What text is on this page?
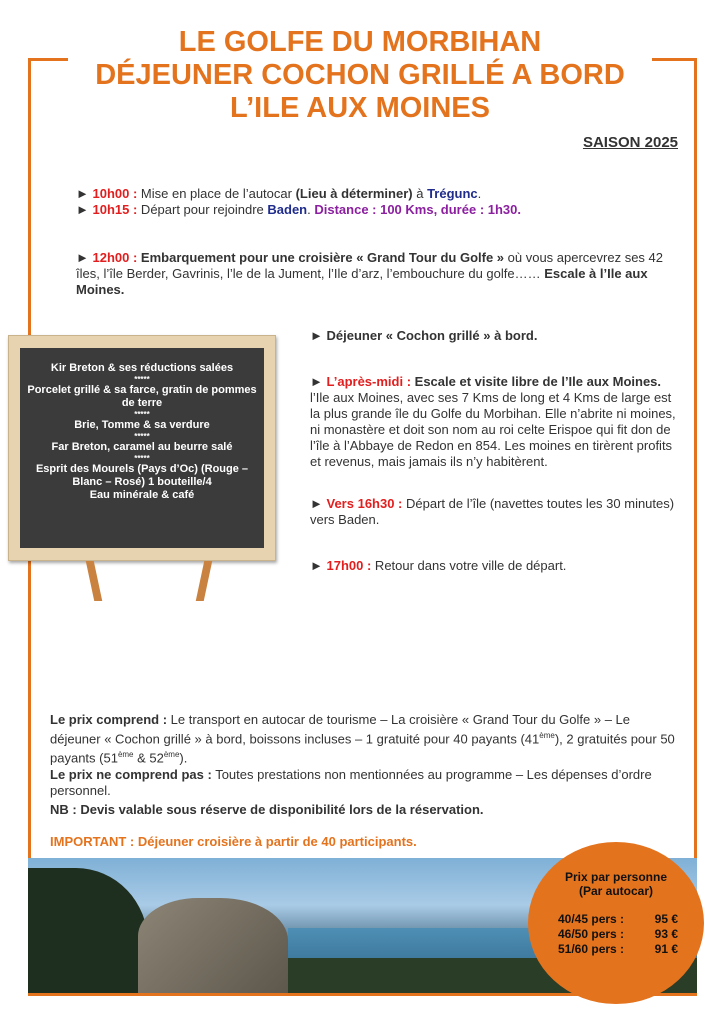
LE GOLFE DU MORBIHAN
DÉJEUNER COCHON GRILLÉ A BORD
L’ILE AUX MOINES
SAISON 2025
► 10h00 : Mise en place de l’autocar (Lieu à déterminer) à Trégunc.
► 10h15 : Départ pour rejoindre Baden. Distance : 100 Kms, durée : 1h30.
► 12h00 : Embarquement pour une croisière « Grand Tour du Golfe » où vous apercevrez ses 42 îles, l’île Berder, Gavrinis, l’le de la Jument, l’Ile d’arz, l’embouchure du golfe…… Escale à l’Ile aux Moines.
► Déjeuner « Cochon grillé » à bord.
► L’après-midi : Escale et visite libre de l’Ile aux Moines. l’Ile aux Moines, avec ses 7 Kms de long et 4 Kms de large est la plus grande île du Golfe du Morbihan. Elle n’abrite ni moines, ni monastère et doit son nom au roi celte Erispoe qui fit don de l’île à l’Abbaye de Redon en 854. Les moines en tirèrent profits et revenus, mais jamais ils n’y habitèrent.
► Vers 16h30 : Départ de l’île (navettes toutes les 30 minutes) vers Baden.
► 17h00 : Retour dans votre ville de départ.
Kir Breton & ses réductions salées
*****
Porcelet grillé & sa farce, gratin de pommes de terre
*****
Brie, Tomme & sa verdure
*****
Far Breton, caramel au beurre salé
*****
Esprit des Mourels (Pays d’Oc) (Rouge – Blanc – Rosé) 1 bouteille/4
Eau minérale & café
Le prix comprend : Le transport en autocar de tourisme – La croisière « Grand Tour du Golfe » – Le déjeuner « Cochon grillé » à bord, boissons incluses – 1 gratuité pour 40 payants (41ème), 2 gratuités pour 50 payants (51ème & 52ème).
Le prix ne comprend pas : Toutes prestations non mentionnées au programme – Les dépenses d’ordre personnel.
NB : Devis valable sous réserve de disponibilité lors de la réservation.
IMPORTANT : Déjeuner croisière à partir de 40 participants.
Prix par personne
(Par autocar)
40/45 pers :	95 €
46/50 pers :	93 €
51/60 pers :	91 €
